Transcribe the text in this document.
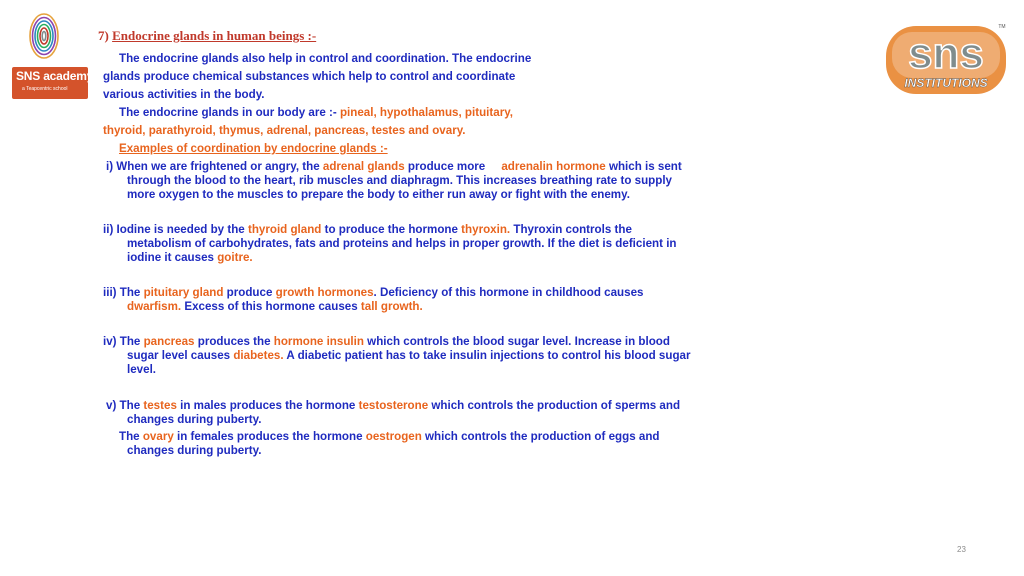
SNS academy
a Teapcentric school
sns
INSTITUTIONS
TM
7) Endocrine glands in human beings :-
The endocrine glands also help in control and coordination. The endocrine
glands produce chemical substances which help to control and coordinate
various activities in the body.
The endocrine glands in our body are :- pineal, hypothalamus, pituitary,
thyroid, parathyroid, thymus, adrenal, pancreas, testes and ovary.
Examples of coordination by endocrine glands :-
i) When we are frightened or angry, the adrenal glands produce more adrenalin hormone which is sent
through the blood to the heart, rib muscles and diaphragm. This increases breathing rate to supply
more oxygen to the muscles to prepare the body to either run away or fight with the enemy.
ii) Iodine is needed by the thyroid gland to produce the hormone thyroxin. Thyroxin controls the
metabolism of carbohydrates, fats and proteins and helps in proper growth. If the diet is deficient in
iodine it causes goitre.
iii) The pituitary gland produce growth hormones. Deficiency of this hormone in childhood causes
dwarfism. Excess of this hormone causes tall growth.
iv) The pancreas produces the hormone insulin which controls the blood sugar level. Increase in blood
sugar level causes diabetes. A diabetic patient has to take insulin injections to control his blood sugar
level.
v) The testes in males produces the hormone testosterone which controls the production of sperms and
changes during puberty.
The ovary in females produces the hormone oestrogen which controls the production of eggs and
changes during puberty.
23
